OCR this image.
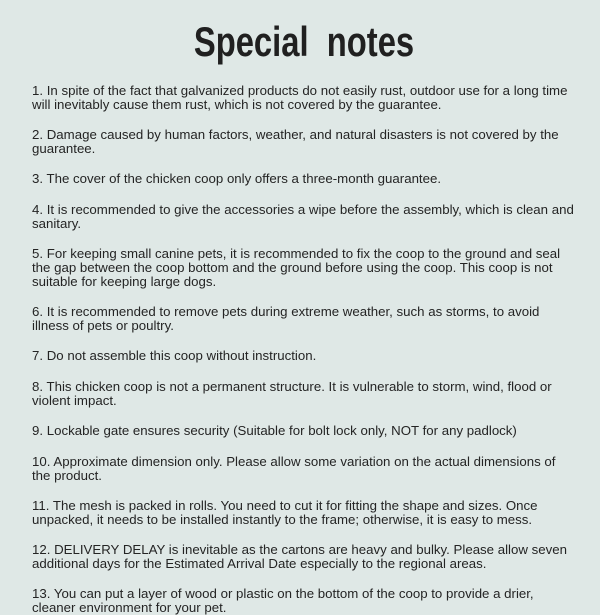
Special  notes
1. In spite of the fact that galvanized products do not easily rust, outdoor use for a long time will inevitably cause them rust, which is not covered by the guarantee.
2. Damage caused by human factors, weather, and natural disasters is not covered by the guarantee.
3. The cover of the chicken coop only offers a three-month guarantee.
4. It is recommended to give the accessories a wipe before the assembly, which is clean and sanitary.
5. For keeping small canine pets, it is recommended to fix the coop to the ground and seal the gap between the coop bottom and the ground before using the coop. This coop is not suitable for keeping large dogs.
6. It is recommended to remove pets during extreme weather, such as storms, to avoid illness of pets or poultry.
7. Do not assemble this coop without instruction.
8. This chicken coop is not a permanent structure. It is vulnerable to storm, wind, flood or violent impact.
9. Lockable gate ensures security (Suitable for bolt lock only, NOT for any padlock)
10. Approximate dimension only. Please allow some variation on the actual dimensions of the product.
11. The mesh is packed in rolls. You need to cut it for fitting the shape and sizes. Once unpacked, it needs to be installed instantly to the frame; otherwise, it is easy to mess.
12. DELIVERY DELAY is inevitable as the cartons are heavy and bulky. Please allow seven additional days for the Estimated Arrival Date especially to the regional areas.
13. You can put a layer of wood or plastic on the bottom of the coop to provide a drier, cleaner environment for your pet.
